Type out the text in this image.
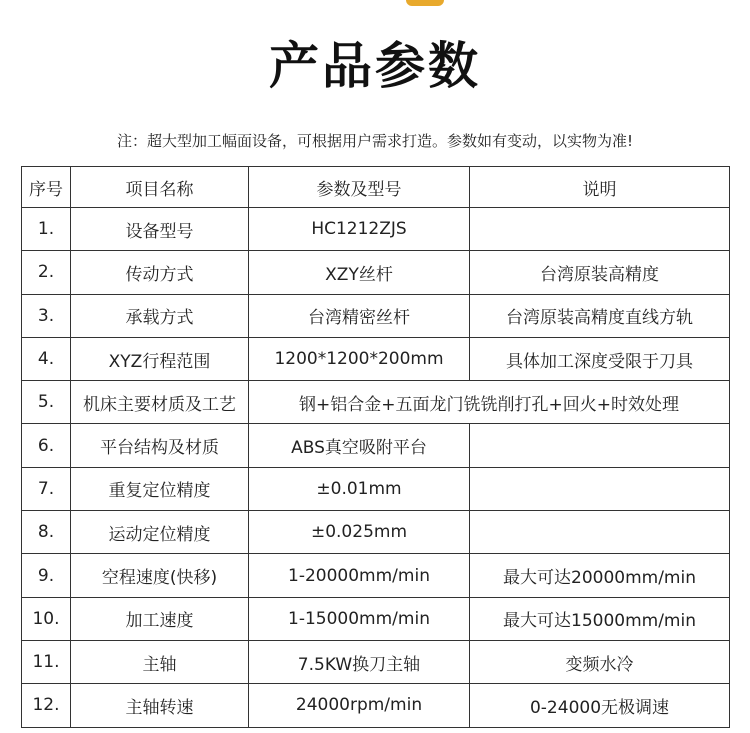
产品参数
注：超大型加工幅面设备，可根据用户需求打造。参数如有变动，以实物为准!
序号	项目名称	参数及型号	说明
1.	设备型号	HC1212ZJS	
2.	传动方式	XZY丝杆	台湾原装高精度
3.	承载方式	台湾精密丝杆	台湾原装高精度直线方轨
4.	XYZ行程范围	1200*1200*200mm	具体加工深度受限于刀具
5.	机床主要材质及工艺	钢+铝合金+五面龙门铣铣削打孔+回火+时效处理	
6.	平台结构及材质	ABS真空吸附平台	
7.	重复定位精度	±0.01mm	
8.	运动定位精度	±0.025mm	
9.	空程速度(快移)	1-20000mm/min	最大可达20000mm/min
10.	加工速度	1-15000mm/min	最大可达15000mm/min
11.	主轴	7.5KW换刀主轴	变频水冷
12.	主轴转速	24000rpm/min	0-24000无极调速
